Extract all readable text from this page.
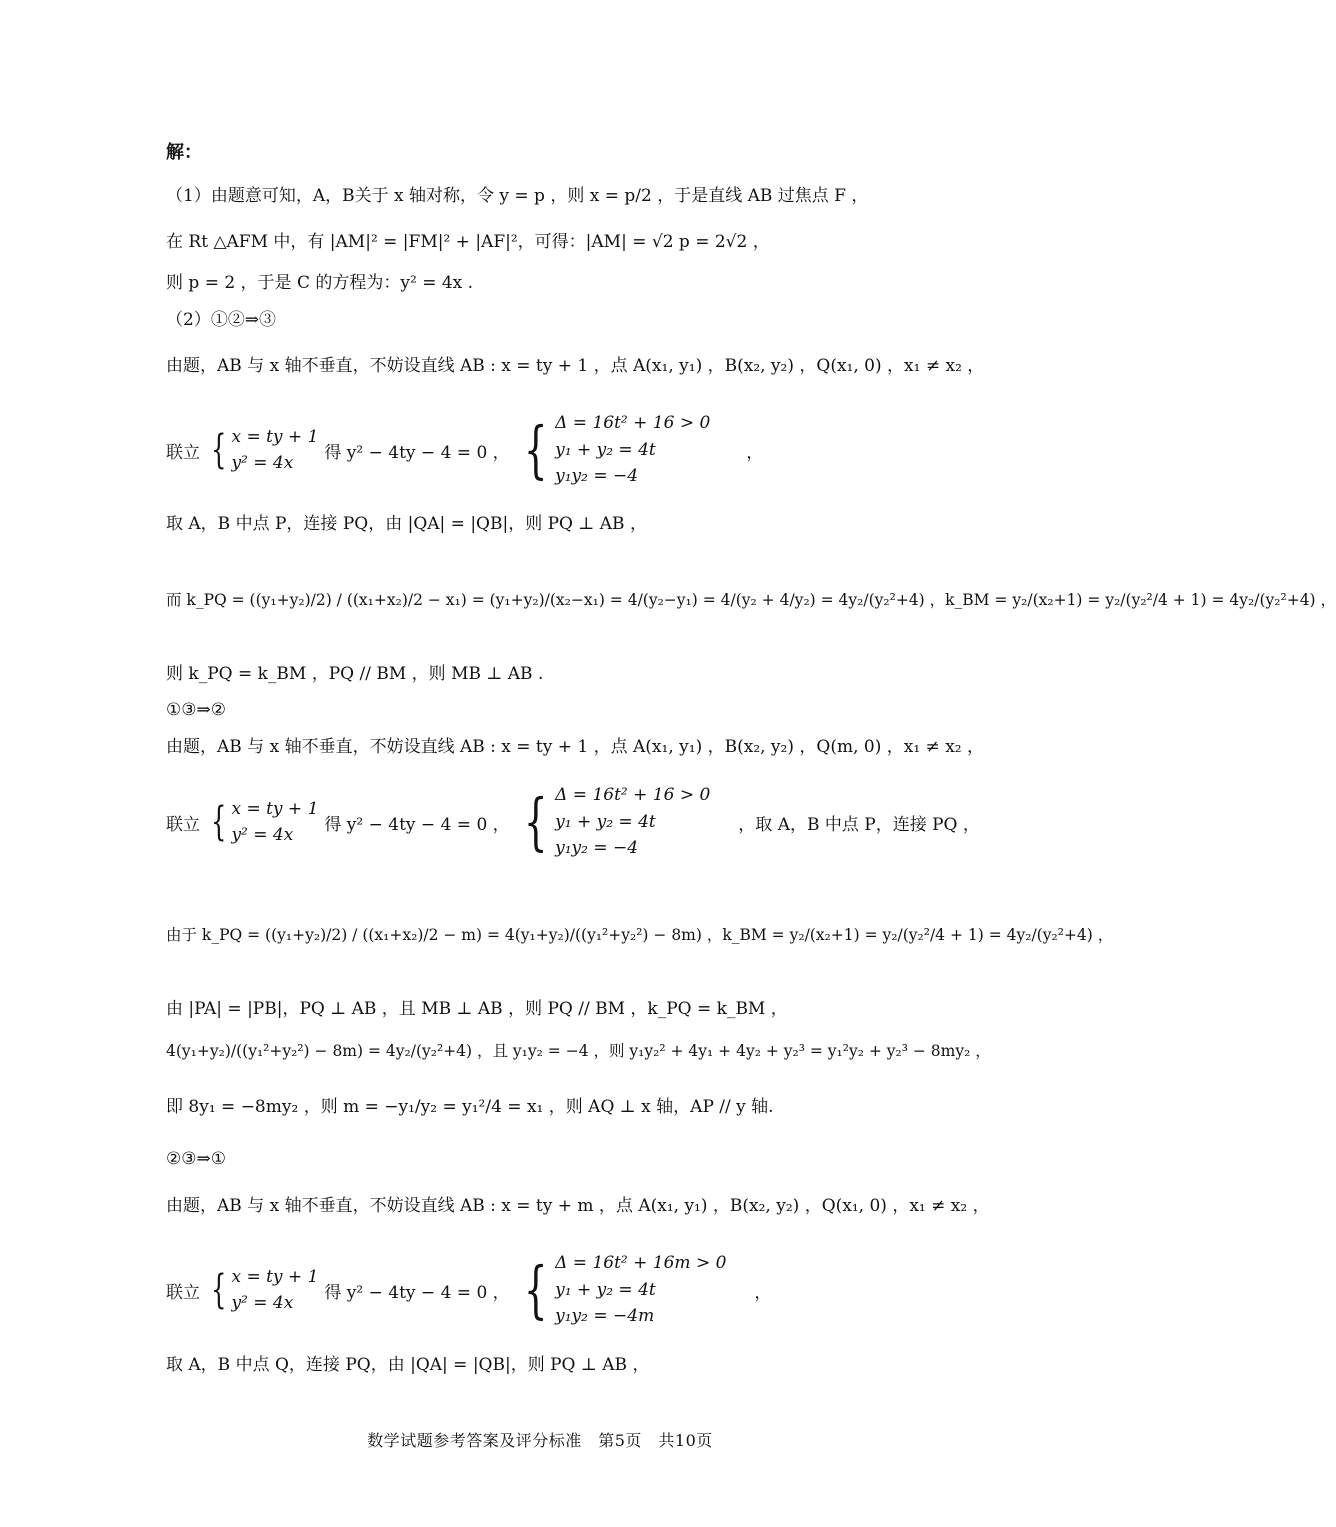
解：
（1）由题意可知，A，B关于 x 轴对称，令 y = p ，则 x = p/2 ，于是直线 AB 过焦点 F ，
在 Rt △AFM 中，有 |AM|² = |FM|² + |AF|²，可得：|AM| = √2 p = 2√2 ，
则 p = 2 ，于是 C 的方程为：y² = 4x .
（2）①②⇒③
由题，AB 与 x 轴不垂直，不妨设直线 AB : x = ty + 1 ，点 A(x₁, y₁) ，B(x₂, y₂) ，Q(x₁, 0) ，x₁ ≠ x₂ ，
联立 { x = ty + 1
y² = 4x
得 y² − 4ty − 4 = 0 ， { Δ = 16t² + 16 > 0
y₁ + y₂ = 4t
y₁y₂ = −4
，
取 A，B 中点 P，连接 PQ，由 |QA| = |QB|，则 PQ ⊥ AB ，
而 k_PQ = ((y₁+y₂)/2) / ((x₁+x₂)/2 − x₁) = (y₁+y₂)/(x₂−x₁) = 4/(y₂−y₁) = 4/(y₂ + 4/y₂) = 4y₂/(y₂²+4) ，k_BM = y₂/(x₂+1) = y₂/(y₂²/4 + 1) = 4y₂/(y₂²+4) ，
则 k_PQ = k_BM ，PQ // BM ，则 MB ⊥ AB .
①③⇒②
由题，AB 与 x 轴不垂直，不妨设直线 AB : x = ty + 1 ，点 A(x₁, y₁) ，B(x₂, y₂) ，Q(m, 0) ，x₁ ≠ x₂ ，
联立 { x = ty + 1
y² = 4x
得 y² − 4ty − 4 = 0 ， { Δ = 16t² + 16 > 0
y₁ + y₂ = 4t
y₁y₂ = −4
，取 A，B 中点 P，连接 PQ ，
由于 k_PQ = ((y₁+y₂)/2) / ((x₁+x₂)/2 − m) = 4(y₁+y₂)/((y₁²+y₂²) − 8m) ，k_BM = y₂/(x₂+1) = y₂/(y₂²/4 + 1) = 4y₂/(y₂²+4) ，
由 |PA| = |PB|，PQ ⊥ AB ，且 MB ⊥ AB ，则 PQ // BM ，k_PQ = k_BM ，
4(y₁+y₂)/((y₁²+y₂²) − 8m) = 4y₂/(y₂²+4) ，且 y₁y₂ = −4 ，则 y₁y₂² + 4y₁ + 4y₂ + y₂³ = y₁²y₂ + y₂³ − 8my₂ ，
即 8y₁ = −8my₂ ，则 m = −y₁/y₂ = y₁²/4 = x₁ ，则 AQ ⊥ x 轴，AP // y 轴.
②③⇒①
由题，AB 与 x 轴不垂直，不妨设直线 AB : x = ty + m ，点 A(x₁, y₁) ，B(x₂, y₂) ，Q(x₁, 0) ，x₁ ≠ x₂ ，
联立 { x = ty + 1
y² = 4x
得 y² − 4ty − 4 = 0 ， { Δ = 16t² + 16m > 0
y₁ + y₂ = 4t
y₁y₂ = −4m
，
取 A，B 中点 Q，连接 PQ，由 |QA| = |QB|，则 PQ ⊥ AB ，
数学试题参考答案及评分标准　第5页　共10页
